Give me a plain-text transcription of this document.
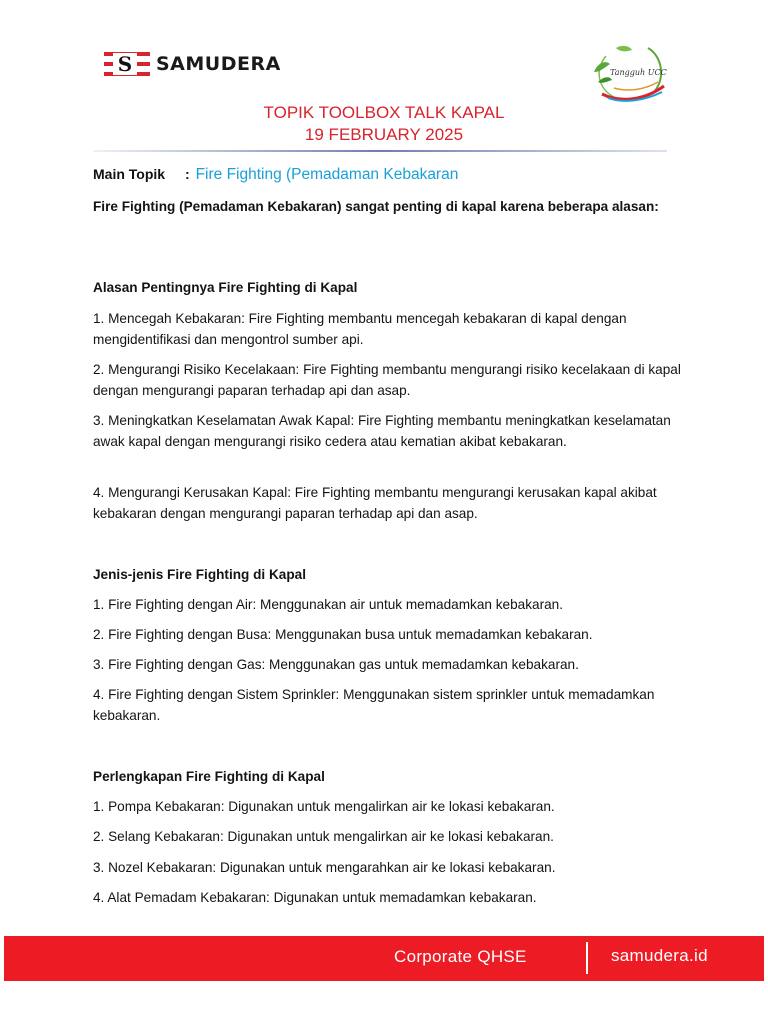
S SAMUDERA	Tangguh UCC
TOPIK TOOLBOX TALK KAPAL
19 FEBRUARY 2025
Main Topik : Fire Fighting (Pemadaman Kebakaran
Fire Fighting (Pemadaman Kebakaran) sangat penting di kapal karena beberapa alasan:
Alasan Pentingnya Fire Fighting di Kapal
1. Mencegah Kebakaran: Fire Fighting membantu mencegah kebakaran di kapal dengan mengidentifikasi dan mengontrol sumber api.
2. Mengurangi Risiko Kecelakaan: Fire Fighting membantu mengurangi risiko kecelakaan di kapal dengan mengurangi paparan terhadap api dan asap.
3. Meningkatkan Keselamatan Awak Kapal: Fire Fighting membantu meningkatkan keselamatan awak kapal dengan mengurangi risiko cedera atau kematian akibat kebakaran.
4. Mengurangi Kerusakan Kapal: Fire Fighting membantu mengurangi kerusakan kapal akibat kebakaran dengan mengurangi paparan terhadap api dan asap.
Jenis-jenis Fire Fighting di Kapal
1. Fire Fighting dengan Air: Menggunakan air untuk memadamkan kebakaran.
2. Fire Fighting dengan Busa: Menggunakan busa untuk memadamkan kebakaran.
3. Fire Fighting dengan Gas: Menggunakan gas untuk memadamkan kebakaran.
4. Fire Fighting dengan Sistem Sprinkler: Menggunakan sistem sprinkler untuk memadamkan kebakaran.
Perlengkapan Fire Fighting di Kapal
1. Pompa Kebakaran: Digunakan untuk mengalirkan air ke lokasi kebakaran.
2. Selang Kebakaran: Digunakan untuk mengalirkan air ke lokasi kebakaran.
3. Nozel Kebakaran: Digunakan untuk mengarahkan air ke lokasi kebakaran.
4. Alat Pemadam Kebakaran: Digunakan untuk memadamkan kebakaran.
Corporate QHSE	samudera.id
